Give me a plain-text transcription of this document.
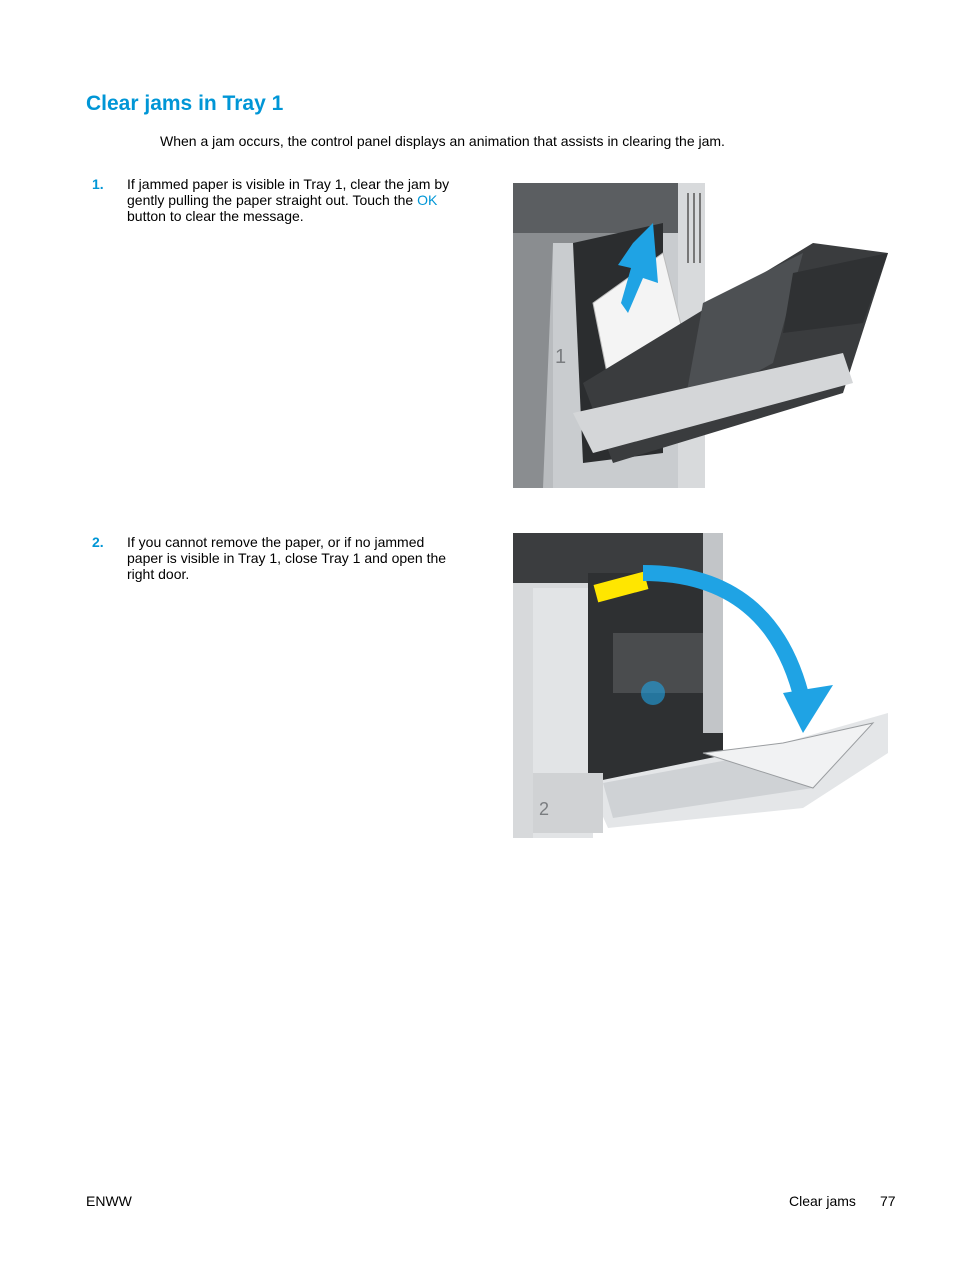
Clear jams in Tray 1

When a jam occurs, the control panel displays an animation that assists in clearing the jam.

1. If jammed paper is visible in Tray 1, clear the jam by gently pulling the paper straight out. Touch the OK button to clear the message.
2. If you cannot remove the paper, or if no jammed paper is visible in Tray 1, close Tray 1 and open the right door.
1
2
ENWW	Clear jams 77
